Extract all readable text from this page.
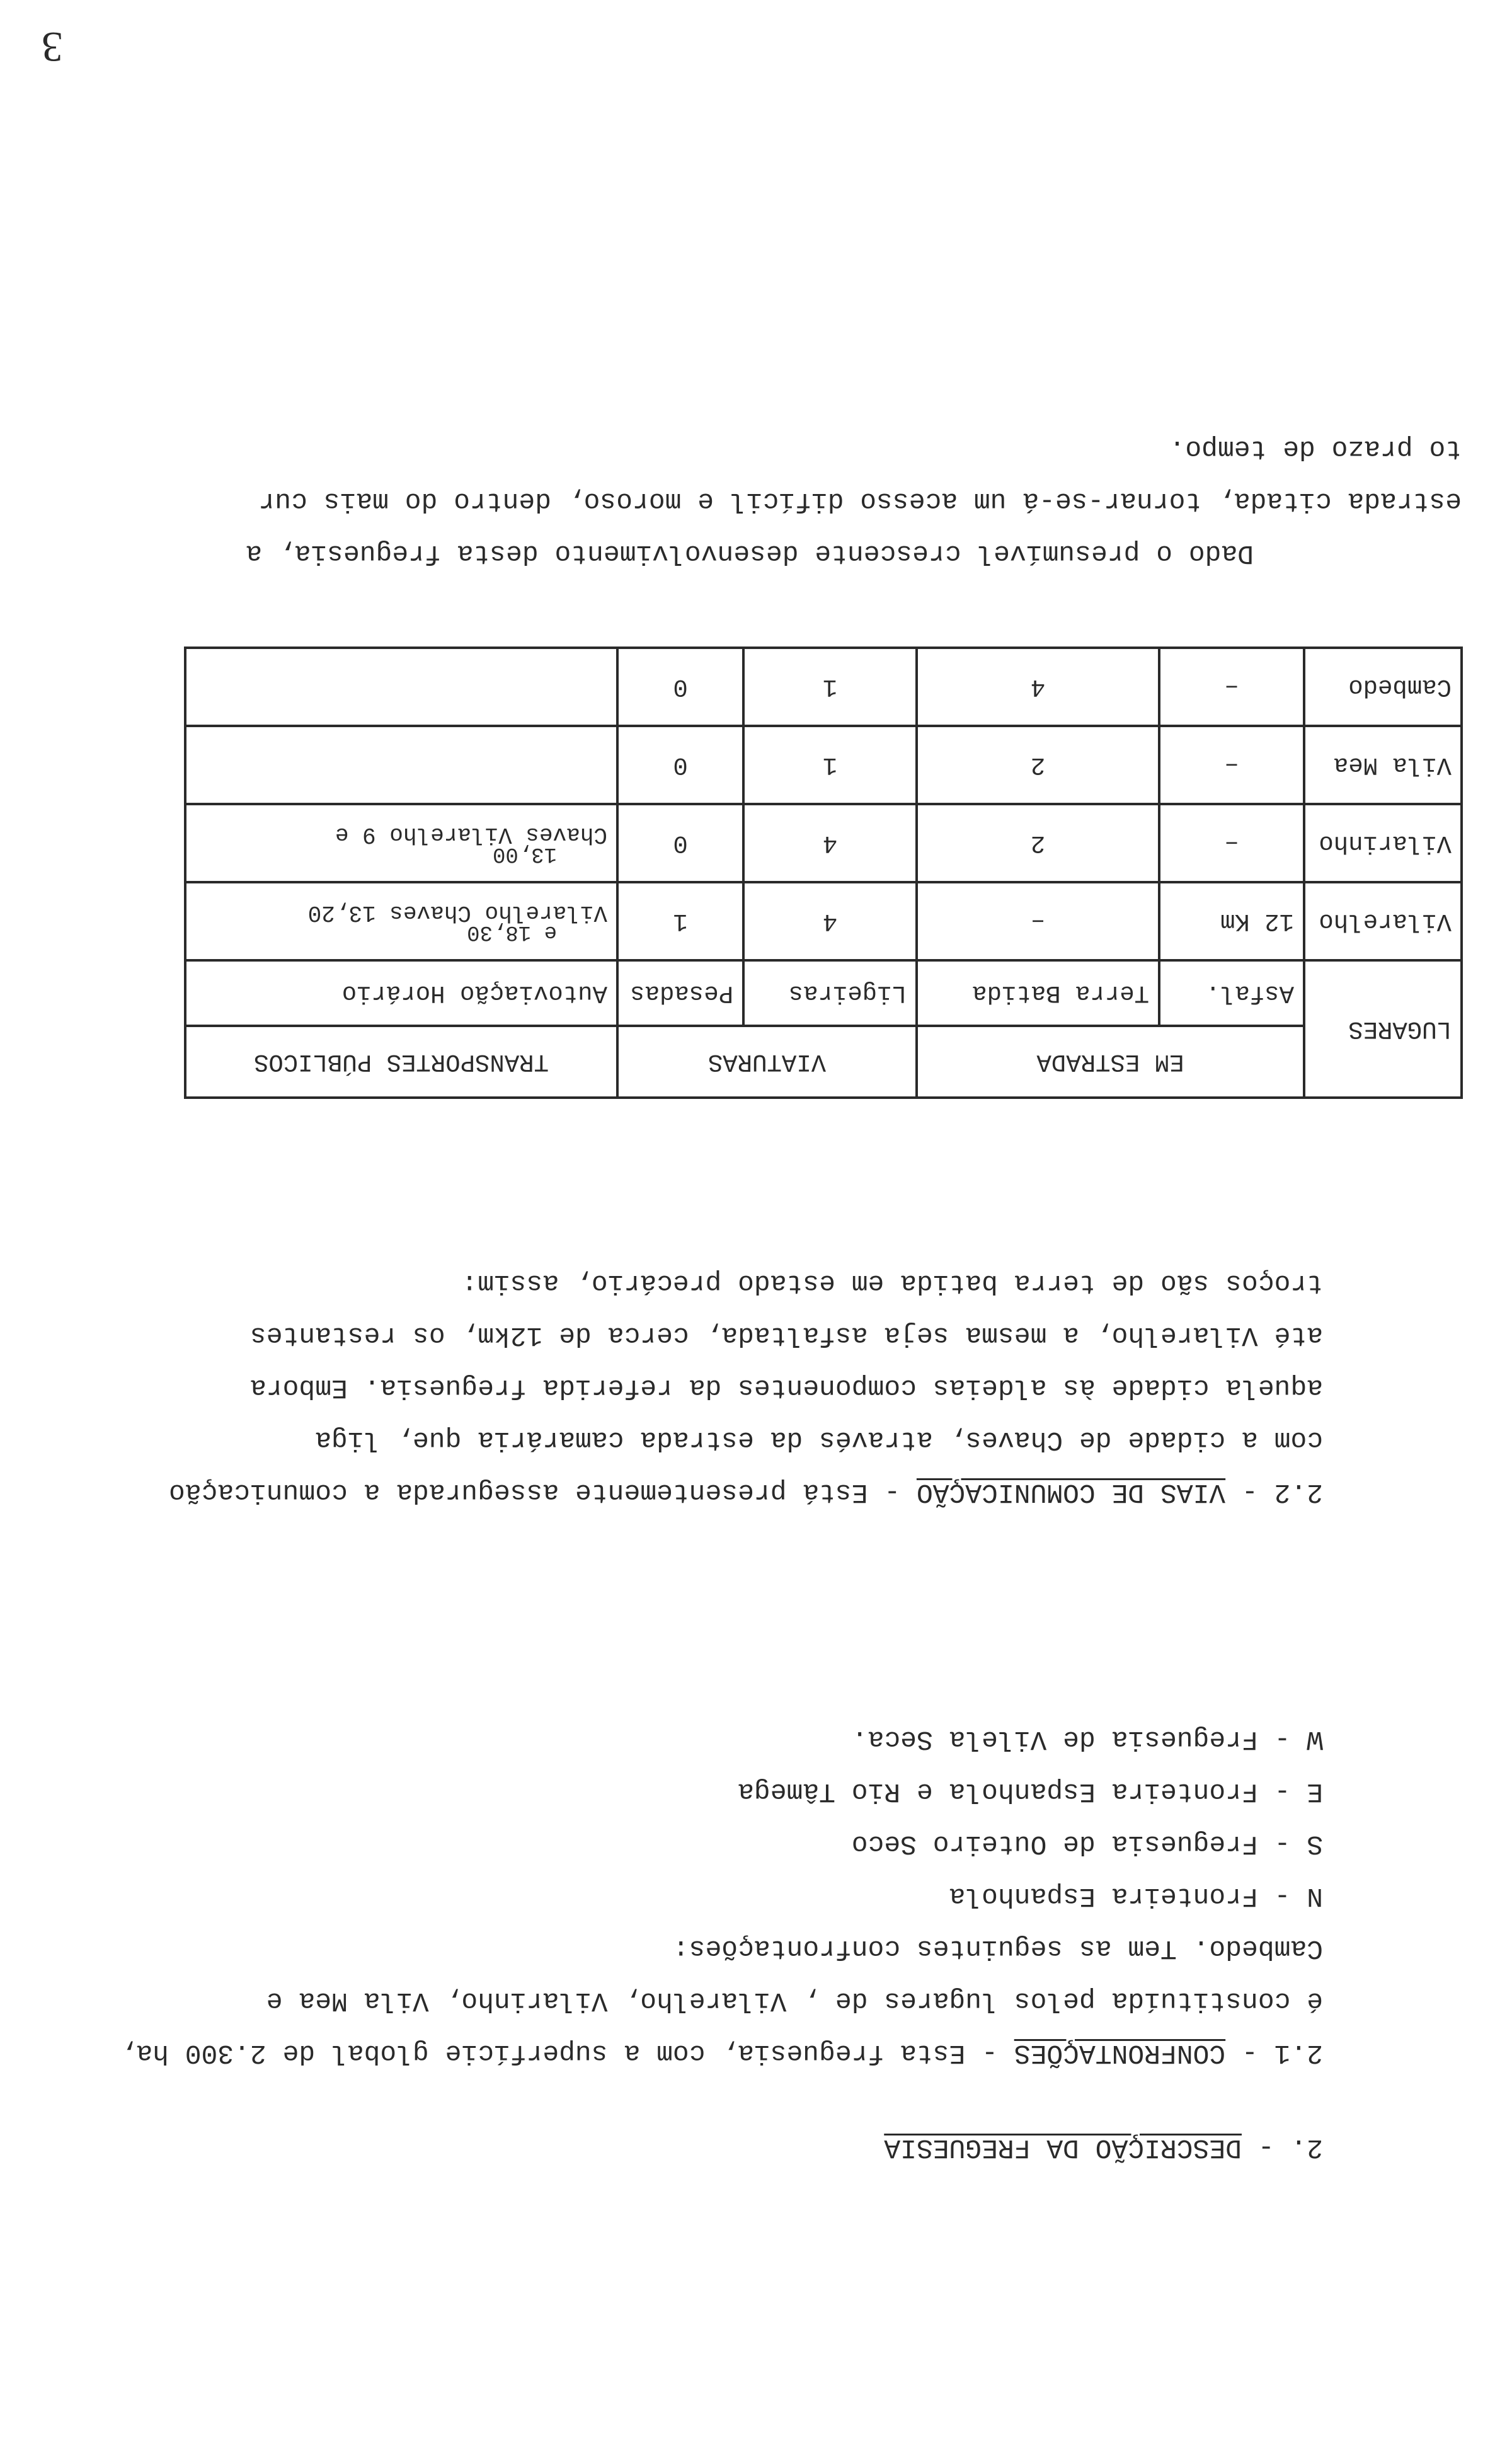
2. - DESCRIÇÃO DA FREGUESIA
2.1 - CONFRONTAÇÕES - Esta freguesia, com a superfície global de 2.300 ha,
é constituída pelos lugares de , Vilarelho, Vilarinho, Vila Mea e
Cambedo. Tem as seguintes confrontações:
N - Fronteira Espanhola
S - Freguesia de Outeiro Seco
E - Fronteira Espanhola e Rio Tâmega
W - Freguesia de Vilela Seca.
2.2 - VIAS DE COMUNICAÇÃO - Está presentemente assegurada a comunicação
com a cidade de Chaves, através da estrada camarária que, liga
aquela cidade às aldeias componentes da referida freguesia. Embora
até Vilarelho, a mesma seja asfaltada, cerca de 12km, os restantes
troços são de terra batida em estado precário, assim:
LUGARES	EM ESTRADA		VIATURAS		TRANSPORTES PÚBLICOS
	Asfal.	Terra Batida	Ligeiras	Pesadas	Autoviação Horário
Vilarelho	12 Km	–	4	1	e 18,30
Vilarelho Chaves 13,20
Vilarinho	–	2	4	0	13,00
Chaves Vilarelho 9 e
Vila Mea	–	2	1	0	

Cambedo	–	4	1	0	
Dado o presumível crescente desenvolvimento desta freguesia, a
estrada citada, tornar-se-á um acesso difícil e moroso, dentro do mais cur
to prazo de tempo.
3
